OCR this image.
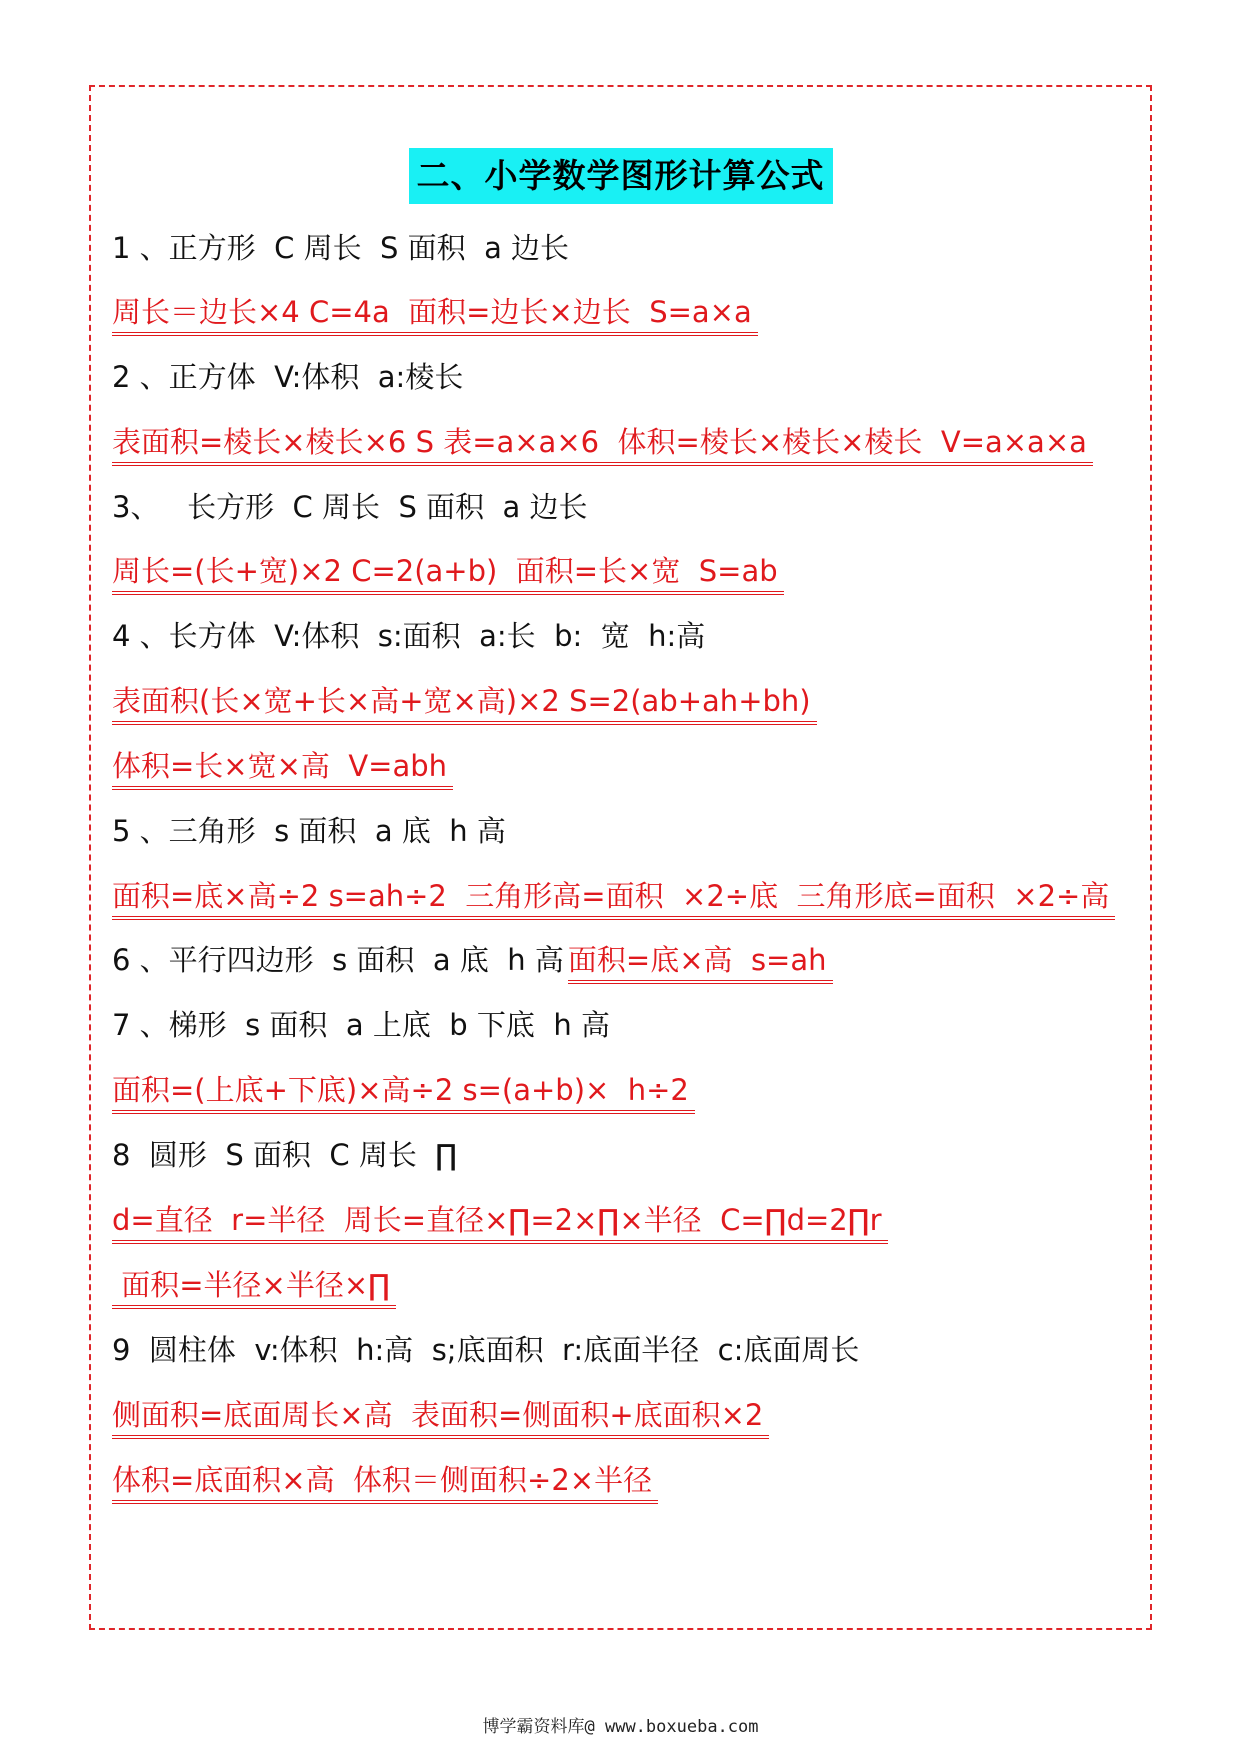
二、小学数学图形计算公式
1 、正方形  C 周长  S 面积  a 边长
周长＝边长×4 C=4a  面积=边长×边长  S=a×a
2 、正方体  V:体积  a:棱长
表面积=棱长×棱长×6 S 表=a×a×6  体积=棱长×棱长×棱长  V=a×a×a
3、   长方形  C 周长  S 面积  a 边长
周长=(长+宽)×2 C=2(a+b)  面积=长×宽  S=ab
4 、长方体  V:体积  s:面积  a:长  b:  宽  h:高
表面积(长×宽+长×高+宽×高)×2 S=2(ab+ah+bh)
体积=长×宽×高  V=abh
5 、三角形  s 面积  a 底  h 高
面积=底×高÷2 s=ah÷2  三角形高=面积  ×2÷底  三角形底=面积  ×2÷高
6 、平行四边形  s 面积  a 底  h 高 面积=底×高  s=ah
7 、梯形  s 面积  a 上底  b 下底  h 高
面积=(上底+下底)×高÷2 s=(a+b)×  h÷2
8  圆形  S 面积  C 周长  ∏
d=直径  r=半径  周长=直径×∏=2×∏×半径  C=∏d=2∏r
面积=半径×半径×∏
9  圆柱体  v:体积  h:高  s;底面积  r:底面半径  c:底面周长
侧面积=底面周长×高  表面积=侧面积+底面积×2
体积=底面积×高  体积＝侧面积÷2×半径
博学霸资料库@ www.boxueba.com
